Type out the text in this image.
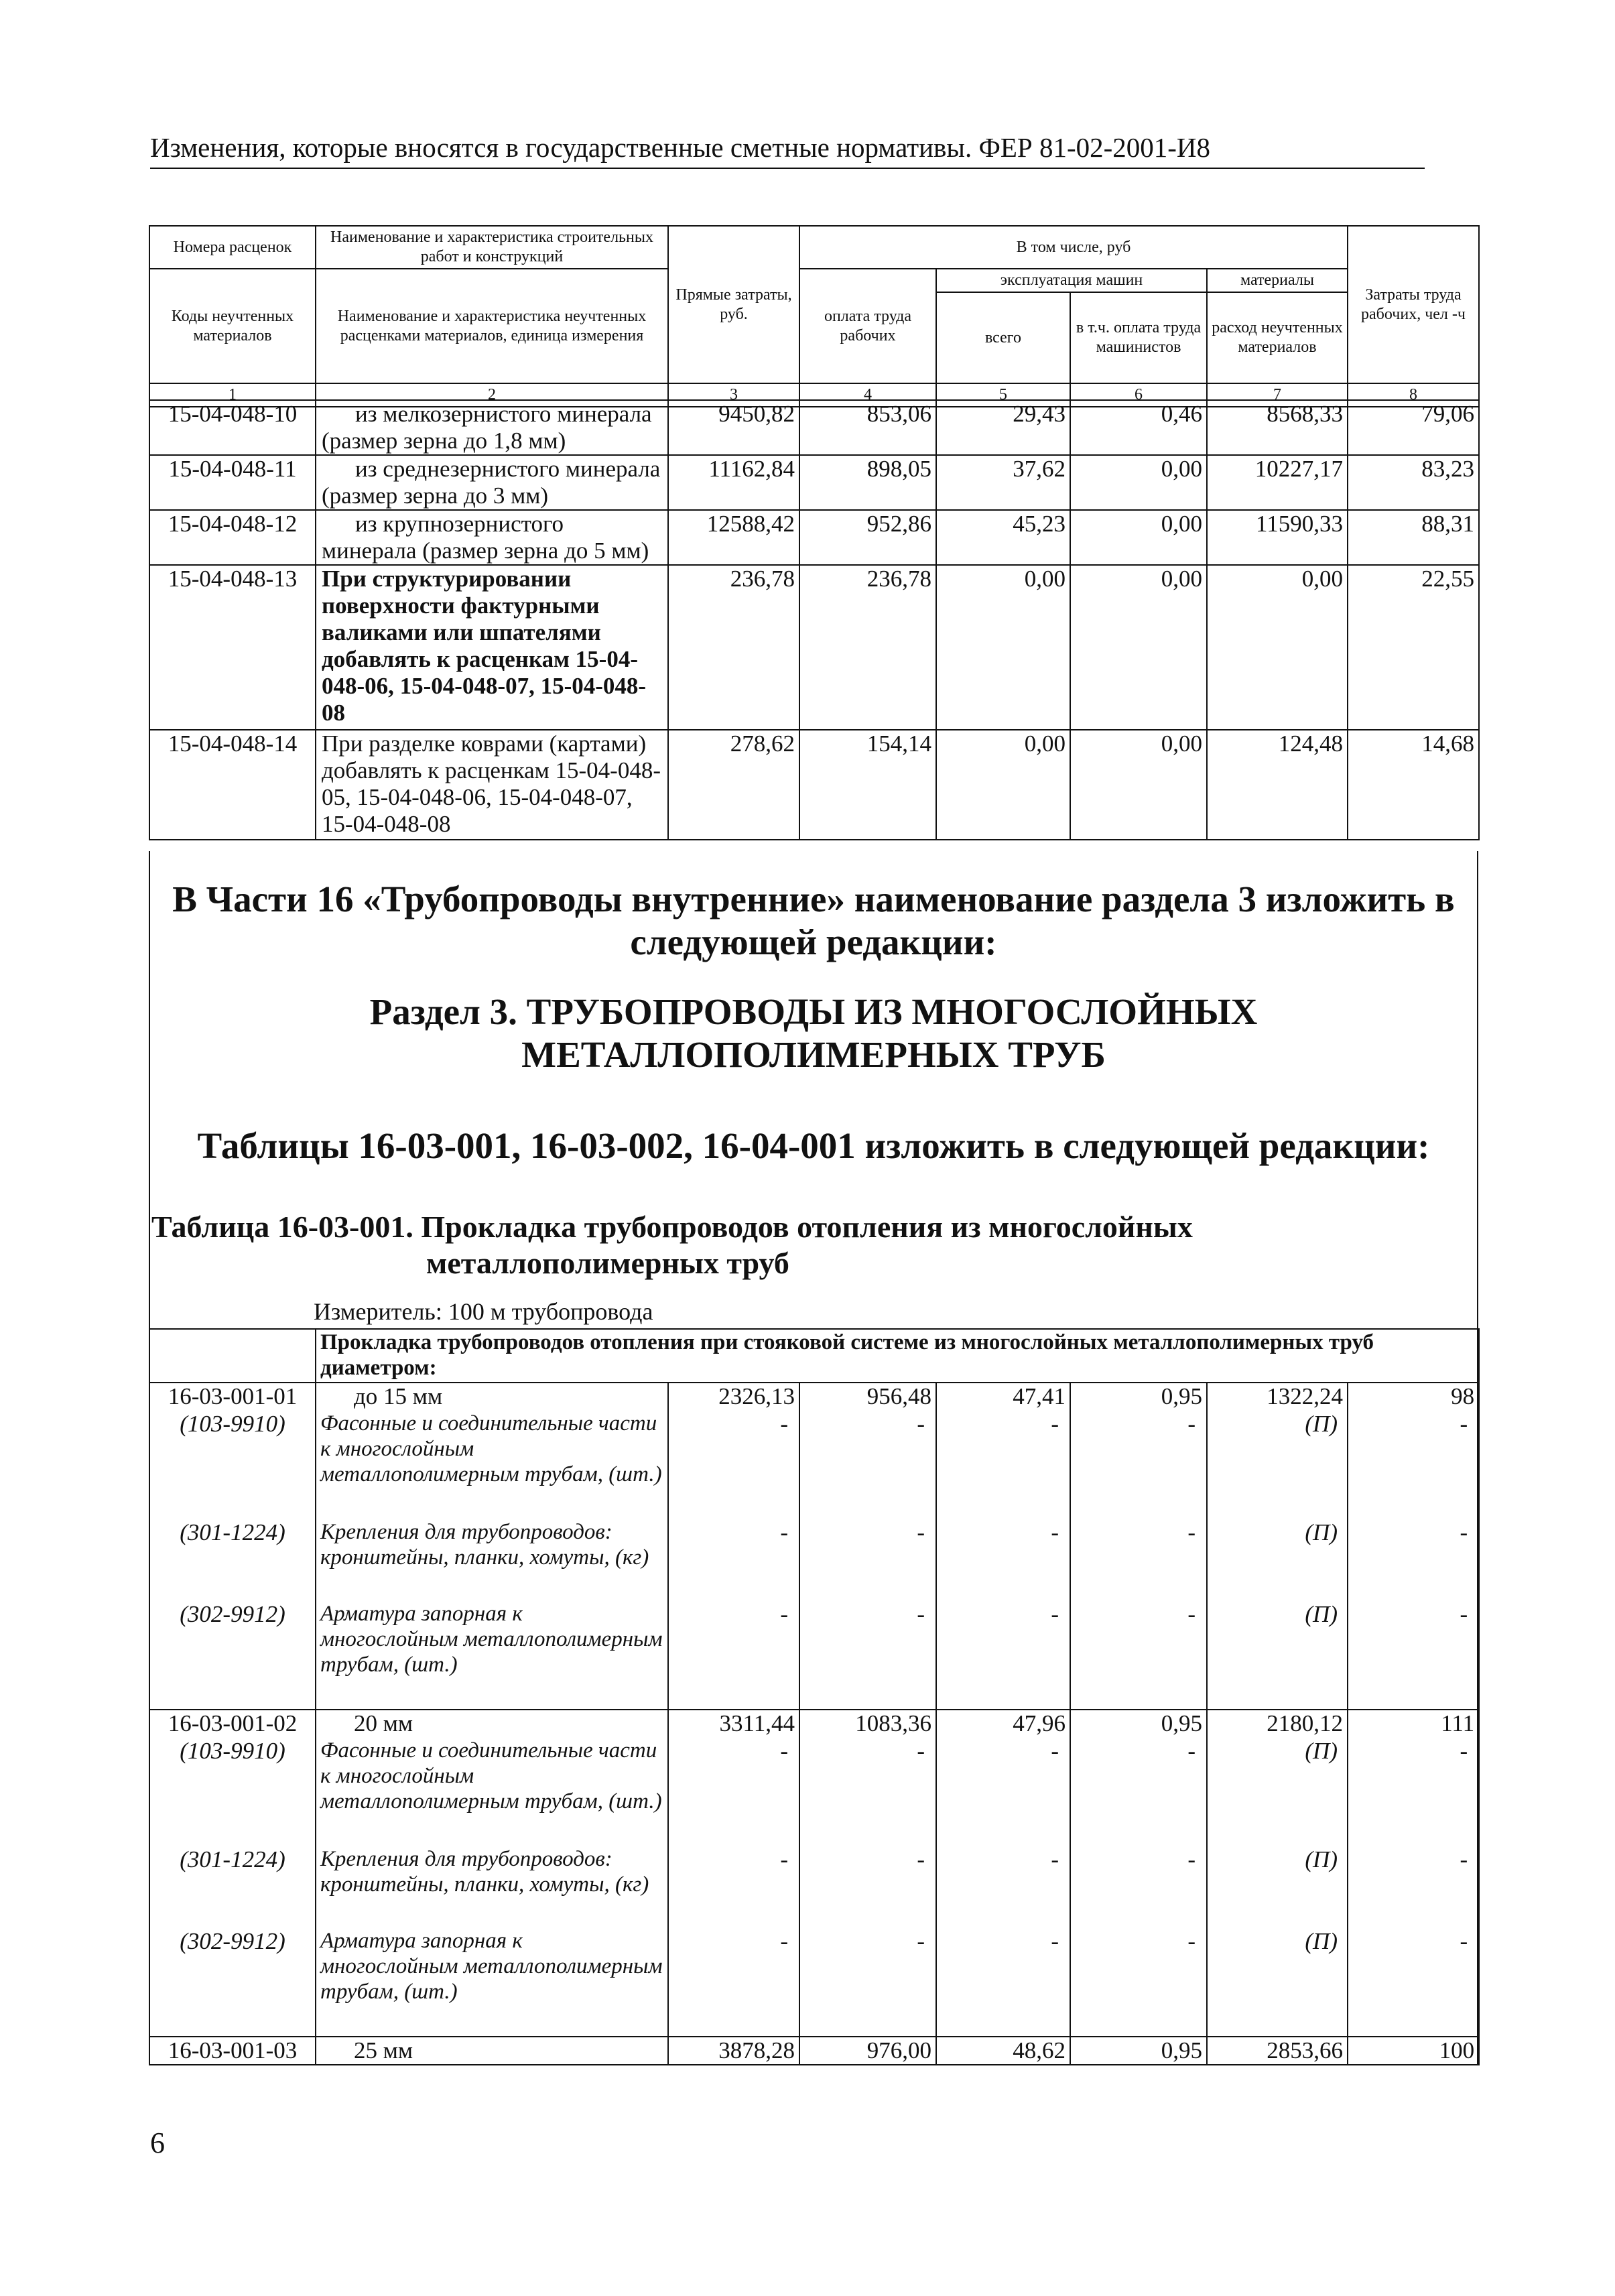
Изменения, которые вносятся в государственные сметные нормативы. ФЕР 81-02-2001-И8
Номера расценок	Наименование и характеристика строительных работ и конструкций	Прямые затраты, руб.	В том числе, руб				Затраты труда рабочих, чел -ч
Коды неучтенных материалов	Наименование и характеристика неучтенных расценками материалов, единица измерения		оплата труда рабочих	эксплуатация машин		материалы	
				всего	в т.ч. оплата труда машинистов	расход неучтенных материалов	
1	2	3	4	5	6	7	8
15-04-048-10	из мелкозернистого минерала (размер зерна до 1,8 мм)	9450,82	853,06	29,43	0,46	8568,33	79,06
15-04-048-11	из среднезернистого минерала (размер зерна до 3 мм)	11162,84	898,05	37,62	0,00	10227,17	83,23
15-04-048-12	из крупнозернистого минерала (размер зерна до 5 мм)	12588,42	952,86	45,23	0,00	11590,33	88,31
15-04-048-13	При структурировании поверхности фактурными валиками или шпателями добавлять к расценкам 15-04-048-06, 15-04-048-07, 15-04-048-08	236,78	236,78	0,00	0,00	0,00	22,55
15-04-048-14	При разделке коврами (картами) добавлять к расценкам 15-04-048-05, 15-04-048-06, 15-04-048-07, 15-04-048-08	278,62	154,14	0,00	0,00	124,48	14,68
В Части 16 «Трубопроводы внутренние» наименование раздела 3 изложить в следующей редакции:
Раздел 3. ТРУБОПРОВОДЫ ИЗ МНОГОСЛОЙНЫХ МЕТАЛЛОПОЛИМЕРНЫХ ТРУБ
Таблицы 16-03-001, 16-03-002, 16-04-001 изложить в следующей редакции:
Таблица 16-03-001. Прокладка трубопроводов отопления из многослойных
металлополимерных труб
Измеритель: 100 м трубопровода
	Прокладка трубопроводов отопления при стояковой системе из многослойных металлополимерных труб диаметром:						
16-03-001-01	до 15 мм	2326,13	956,48	47,41	0,95	1322,24	98
(103-9910)	Фасонные и соединительные части к многослойным металлополимерным трубам, (шт.)	-	-	-	-	(П)	-
(301-1224)	Крепления для трубопроводов: кронштейны, планки, хомуты, (кг)	-	-	-	-	(П)	-
(302-9912)	Арматура запорная к многослойным металлополимерным трубам, (шт.)	-	-	-	-	(П)	-
16-03-001-02	20 мм	3311,44	1083,36	47,96	0,95	2180,12	111
(103-9910)	Фасонные и соединительные части к многослойным металлополимерным трубам, (шт.)	-	-	-	-	(П)	-
(301-1224)	Крепления для трубопроводов: кронштейны, планки, хомуты, (кг)	-	-	-	-	(П)	-
(302-9912)	Арматура запорная к многослойным металлополимерным трубам, (шт.)	-	-	-	-	(П)	-
16-03-001-03	25 мм	3878,28	976,00	48,62	0,95	2853,66	100
6
